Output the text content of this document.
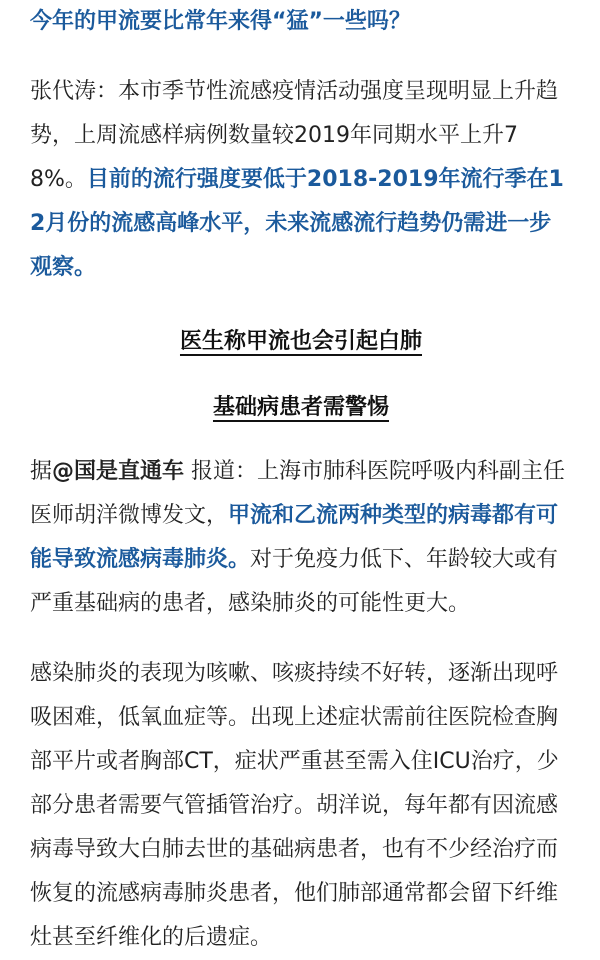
今年的甲流要比常年来得“猛”一些吗？

张代涛：本市季节性流感疫情活动强度呈现明显上升趋势，上周流感样病例数量较2019年同期水平上升78%。目前的流行强度要低于2018-2019年流行季在12月份的流感高峰水平，未来流感流行趋势仍需进一步观察。

医生称甲流也会引起白肺
基础病患者需警惕

据@国是直通车 报道：上海市肺科医院呼吸内科副主任医师胡洋微博发文，甲流和乙流两种类型的病毒都有可能导致流感病毒肺炎。对于免疫力低下、年龄较大或有严重基础病的患者，感染肺炎的可能性更大。

感染肺炎的表现为咳嗽、咳痰持续不好转，逐渐出现呼吸困难，低氧血症等。出现上述症状需前往医院检查胸部平片或者胸部CT，症状严重甚至需入住ICU治疗，少部分患者需要气管插管治疗。胡洋说，每年都有因流感病毒导致大白肺去世的基础病患者，也有不少经治疗而恢复的流感病毒肺炎患者，他们肺部通常都会留下纤维灶甚至纤维化的后遗症。
